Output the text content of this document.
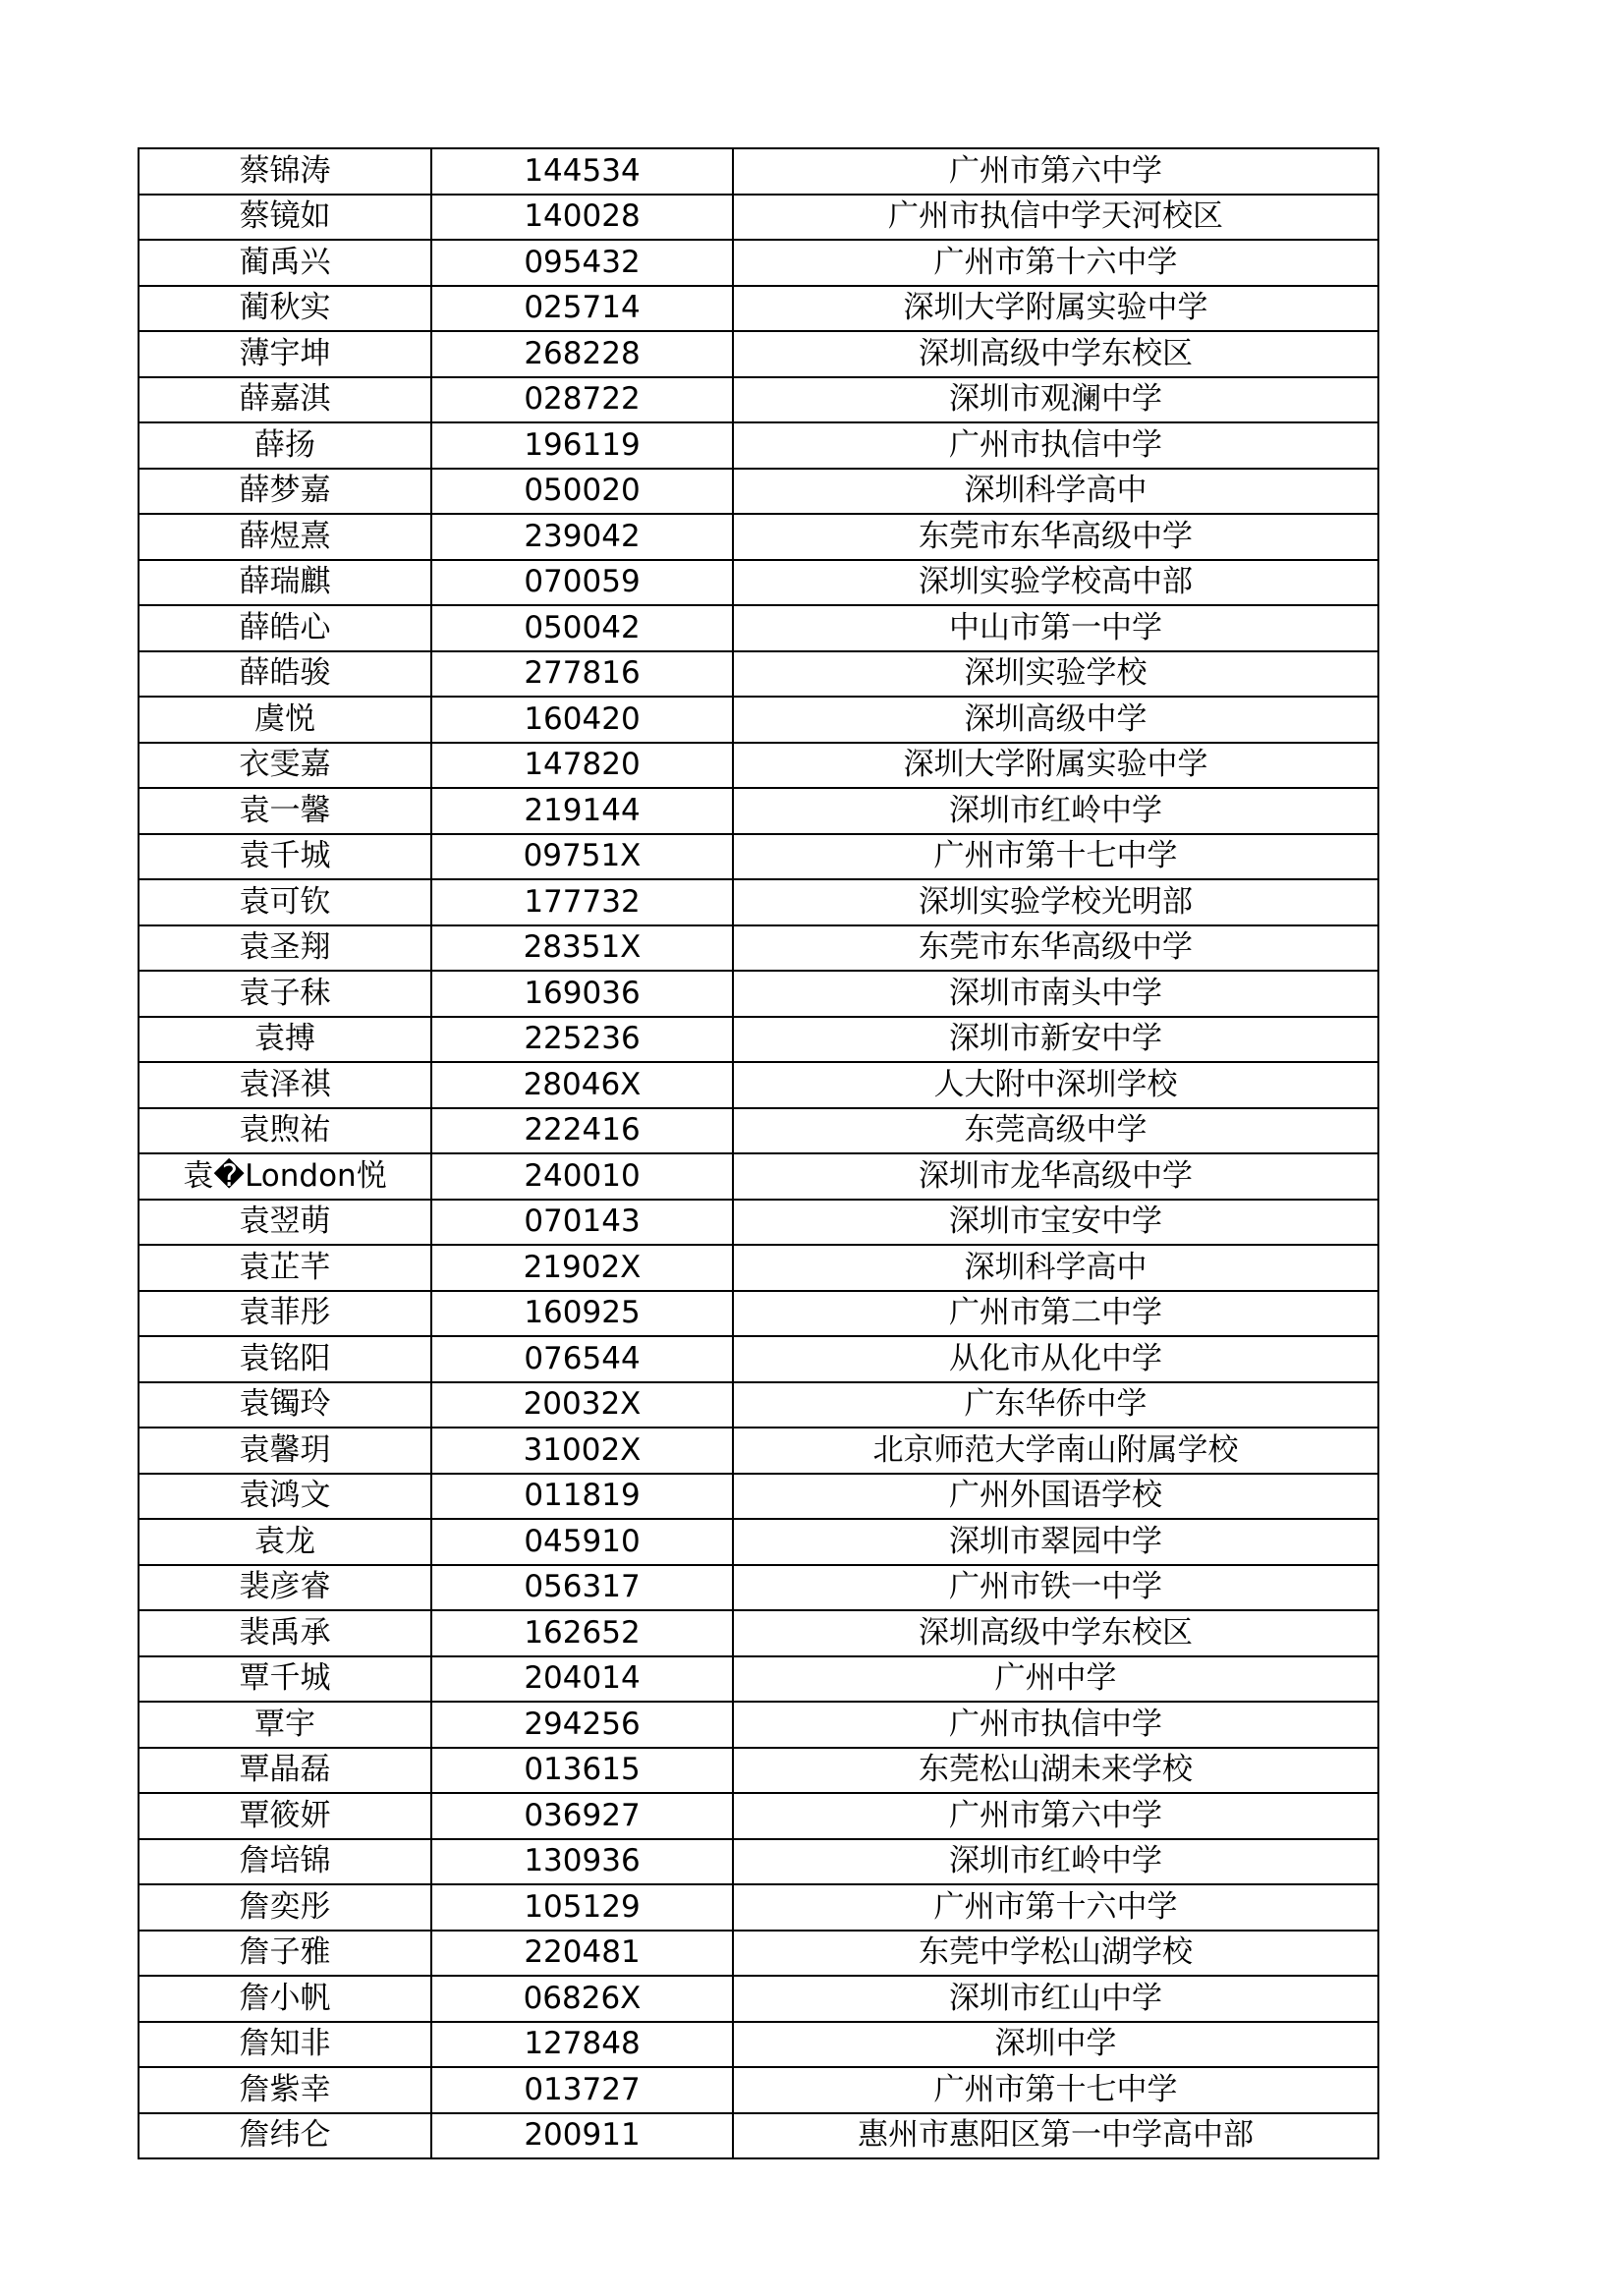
蔡锦涛	144534	广州市第六中学
蔡镜如	140028	广州市执信中学天河校区
蔺禹兴	095432	广州市第十六中学
蔺秋实	025714	深圳大学附属实验中学
薄宇坤	268228	深圳高级中学东校区
薛嘉淇	028722	深圳市观澜中学
薛扬	196119	广州市执信中学
薛梦嘉	050020	深圳科学高中
薛煜熹	239042	东莞市东华高级中学
薛瑞麒	070059	深圳实验学校高中部
薛皓心	050042	中山市第一中学
薛皓骏	277816	深圳实验学校
虞悦	160420	深圳高级中学
衣雯嘉	147820	深圳大学附属实验中学
袁一馨	219144	深圳市红岭中学
袁千城	09751X	广州市第十七中学
袁可钦	177732	深圳实验学校光明部
袁圣翔	28351X	东莞市东华高级中学
袁子秣	169036	深圳市南头中学
袁搏	225236	深圳市新安中学
袁泽祺	28046X	人大附中深圳学校
袁煦祐	222416	东莞高级中学
袁�London悦	240010	深圳市龙华高级中学
袁翌萌	070143	深圳市宝安中学
袁芷芊	21902X	深圳科学高中
袁菲彤	160925	广州市第二中学
袁铭阳	076544	从化市从化中学
袁镯玲	20032X	广东华侨中学
袁馨玥	31002X	北京师范大学南山附属学校
袁鸿文	011819	广州外国语学校
袁龙	045910	深圳市翠园中学
裴彦睿	056317	广州市铁一中学
裴禹承	162652	深圳高级中学东校区
覃千城	204014	广州中学
覃宇	294256	广州市执信中学
覃晶磊	013615	东莞松山湖未来学校
覃筱妍	036927	广州市第六中学
詹培锦	130936	深圳市红岭中学
詹奕彤	105129	广州市第十六中学
詹子雅	220481	东莞中学松山湖学校
詹小帆	06826X	深圳市红山中学
詹知非	127848	深圳中学
詹紫幸	013727	广州市第十七中学
詹纬仑	200911	惠州市惠阳区第一中学高中部
